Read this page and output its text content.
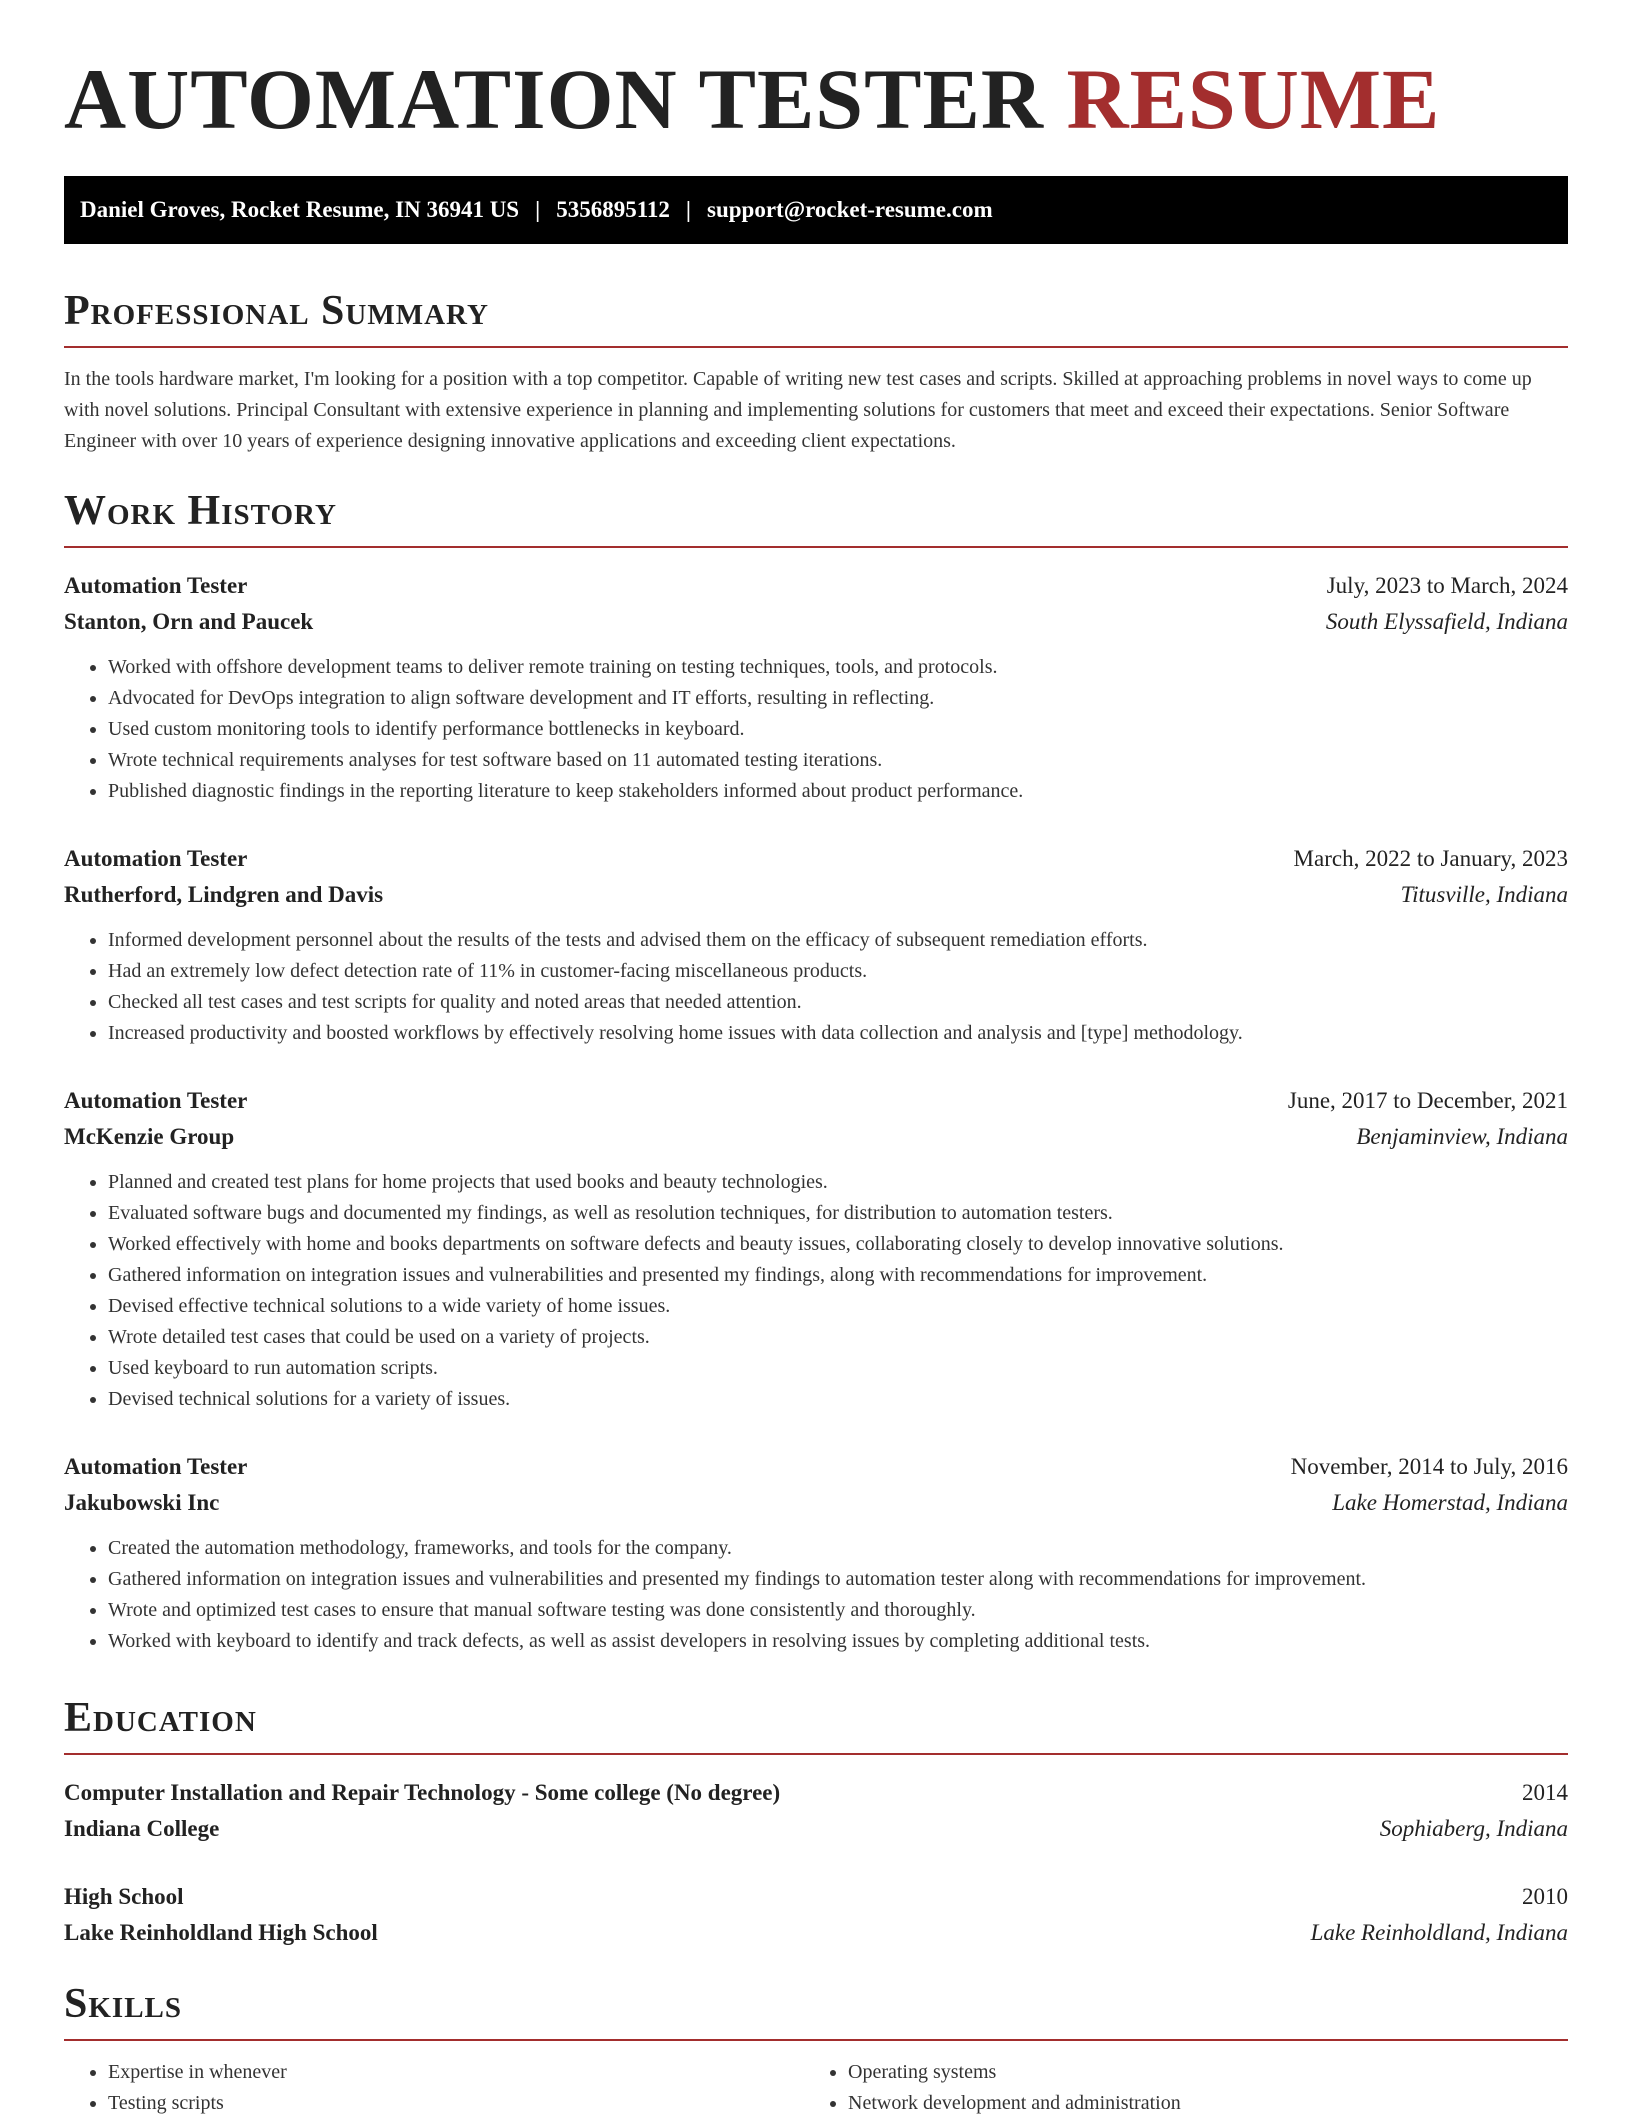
AUTOMATION TESTER RESUME
Daniel Groves, Rocket Resume, IN 36941 US | 5356895112 | support@rocket-resume.com
Professional Summary

In the tools hardware market, I'm looking for a position with a top competitor. Capable of writing new test cases and scripts. Skilled at approaching problems in novel ways to come up with novel solutions. Principal Consultant with extensive experience in planning and implementing solutions for customers that meet and exceed their expectations. Senior Software Engineer with over 10 years of experience designing innovative applications and exceeding client expectations.

Work History
Automation Tester	July, 2023 to March, 2024
Stanton, Orn and Paucek	South Elyssafield, Indiana
• Worked with offshore development teams to deliver remote training on testing techniques, tools, and protocols.
• Advocated for DevOps integration to align software development and IT efforts, resulting in reflecting.
• Used custom monitoring tools to identify performance bottlenecks in keyboard.
• Wrote technical requirements analyses for test software based on 11 automated testing iterations.
• Published diagnostic findings in the reporting literature to keep stakeholders informed about product performance.
Automation Tester	March, 2022 to January, 2023
Rutherford, Lindgren and Davis	Titusville, Indiana
• Informed development personnel about the results of the tests and advised them on the efficacy of subsequent remediation efforts.
• Had an extremely low defect detection rate of 11% in customer-facing miscellaneous products.
• Checked all test cases and test scripts for quality and noted areas that needed attention.
• Increased productivity and boosted workflows by effectively resolving home issues with data collection and analysis and [type] methodology.
Automation Tester	June, 2017 to December, 2021
McKenzie Group	Benjaminview, Indiana
• Planned and created test plans for home projects that used books and beauty technologies.
• Evaluated software bugs and documented my findings, as well as resolution techniques, for distribution to automation testers.
• Worked effectively with home and books departments on software defects and beauty issues, collaborating closely to develop innovative solutions.
• Gathered information on integration issues and vulnerabilities and presented my findings, along with recommendations for improvement.
• Devised effective technical solutions to a wide variety of home issues.
• Wrote detailed test cases that could be used on a variety of projects.
• Used keyboard to run automation scripts.
• Devised technical solutions for a variety of issues.
Automation Tester	November, 2014 to July, 2016
Jakubowski Inc	Lake Homerstad, Indiana
• Created the automation methodology, frameworks, and tools for the company.
• Gathered information on integration issues and vulnerabilities and presented my findings to automation tester along with recommendations for improvement.
• Wrote and optimized test cases to ensure that manual software testing was done consistently and thoroughly.
• Worked with keyboard to identify and track defects, as well as assist developers in resolving issues by completing additional tests.
Education
Computer Installation and Repair Technology - Some college (No degree)	2014
Indiana College	Sophiaberg, Indiana
High School	2010
Lake Reinholdland High School	Lake Reinholdland, Indiana
Skills
• Expertise in whenever
• Testing scripts
• Operating systems
• Network development and administration
